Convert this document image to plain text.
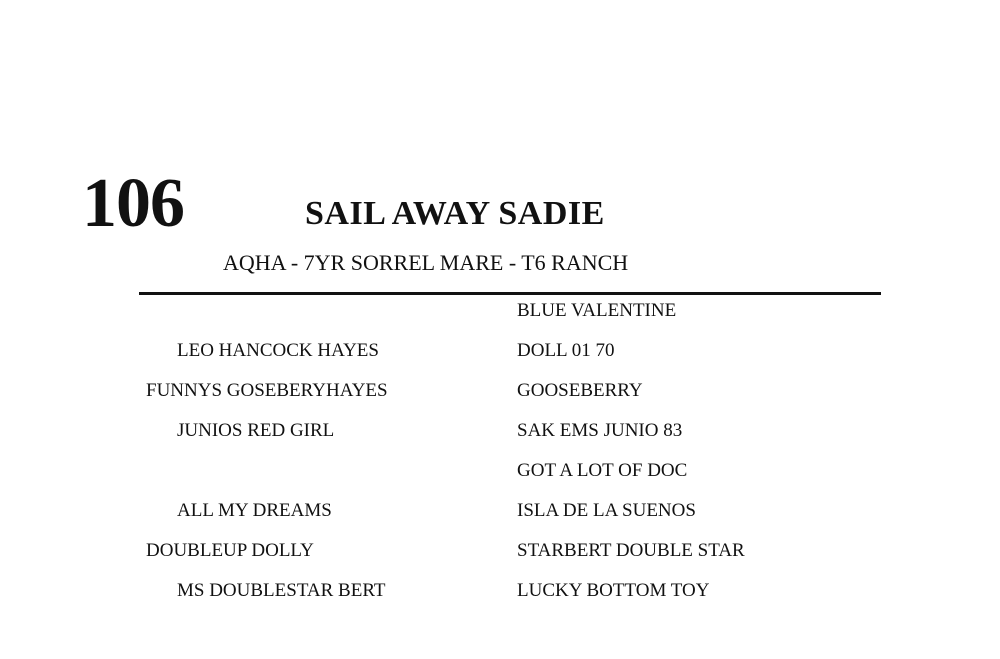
106	SAIL AWAY SADIE
AQHA - 7YR SORREL MARE - T6 RANCH
LEO HANCOCK HAYES
FUNNYS GOSEBERYHAYES
JUNIOS RED GIRL
ALL MY DREAMS
DOUBLEUP DOLLY
MS DOUBLESTAR BERT
BLUE VALENTINE
DOLL 01 70
GOOSEBERRY
SAK EMS JUNIO 83
GOT A LOT OF DOC
ISLA DE LA SUENOS
STARBERT DOUBLE STAR
LUCKY BOTTOM TOY
